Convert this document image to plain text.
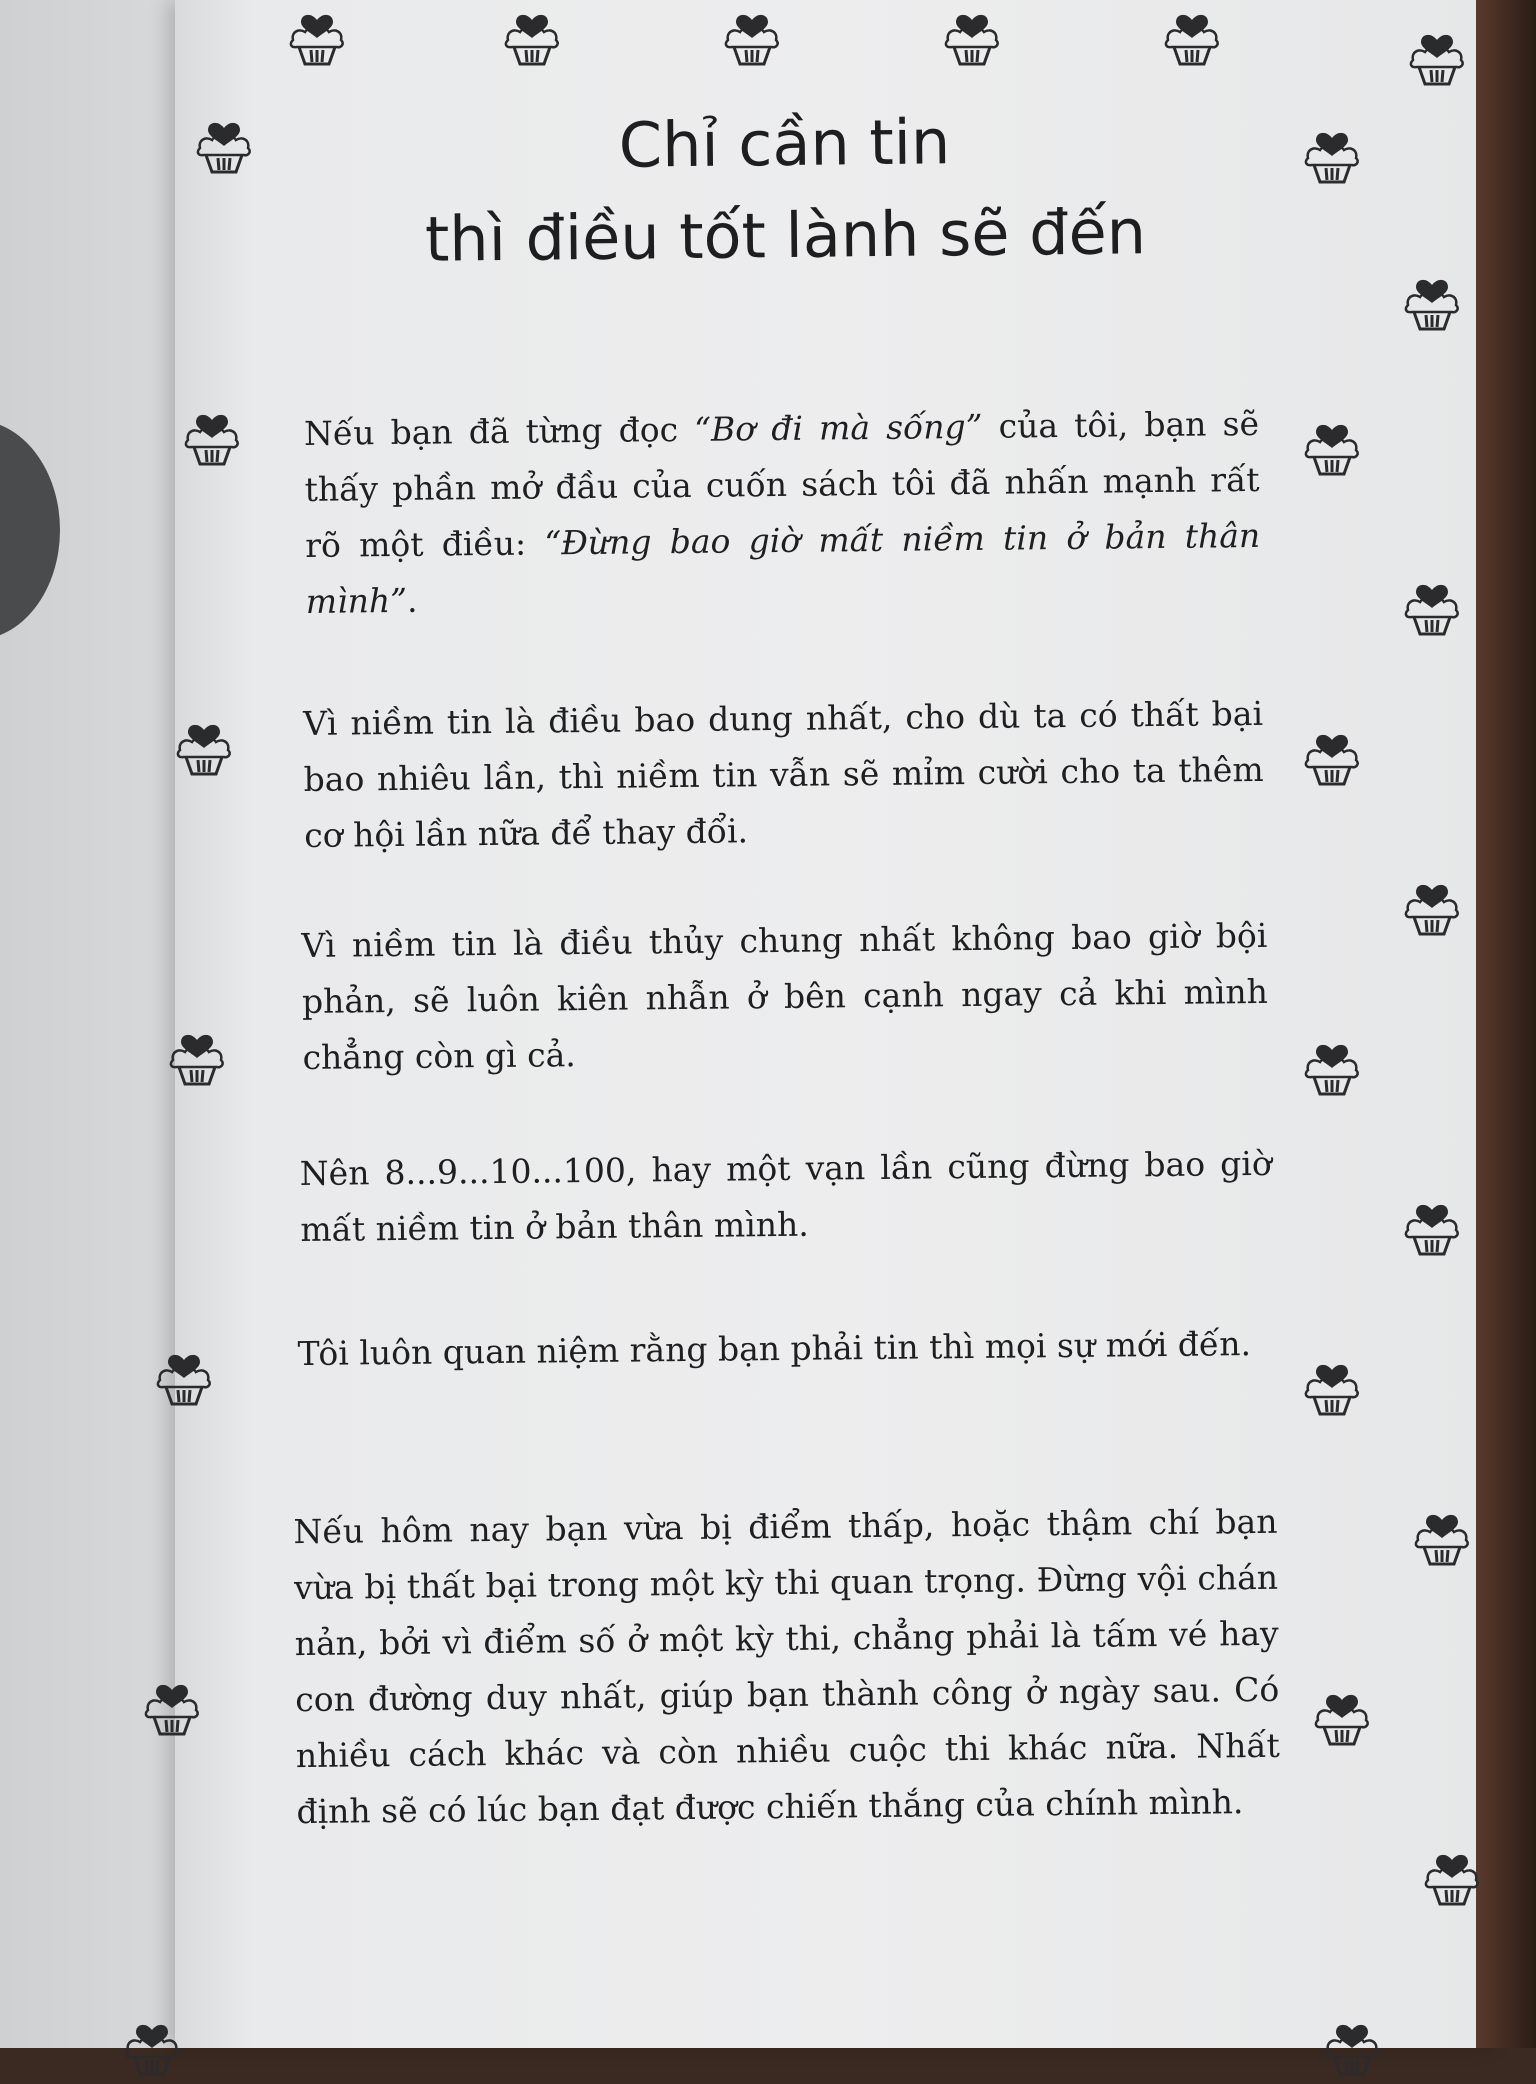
Chỉ cần tin
thì điều tốt lành sẽ đến

Nếu bạn đã từng đọc “Bơ đi mà sống” của tôi, bạn sẽ thấy phần mở đầu của cuốn sách tôi đã nhấn mạnh rất rõ một điều: “Đừng bao giờ mất niềm tin ở bản thân mình”.

Vì niềm tin là điều bao dung nhất, cho dù ta có thất bại bao nhiêu lần, thì niềm tin vẫn sẽ mỉm cười cho ta thêm cơ hội lần nữa để thay đổi.

Vì niềm tin là điều thủy chung nhất không bao giờ bội phản, sẽ luôn kiên nhẫn ở bên cạnh ngay cả khi mình chẳng còn gì cả.

Nên 8...9...10...100, hay một vạn lần cũng đừng bao giờ mất niềm tin ở bản thân mình.

Tôi luôn quan niệm rằng bạn phải tin thì mọi sự mới đến.

Nếu hôm nay bạn vừa bị điểm thấp, hoặc thậm chí bạn vừa bị thất bại trong một kỳ thi quan trọng. Đừng vội chán nản, bởi vì điểm số ở một kỳ thi, chẳng phải là tấm vé hay con đường duy nhất, giúp bạn thành công ở ngày sau. Có nhiều cách khác và còn nhiều cuộc thi khác nữa. Nhất định sẽ có lúc bạn đạt được chiến thắng của chính mình.
